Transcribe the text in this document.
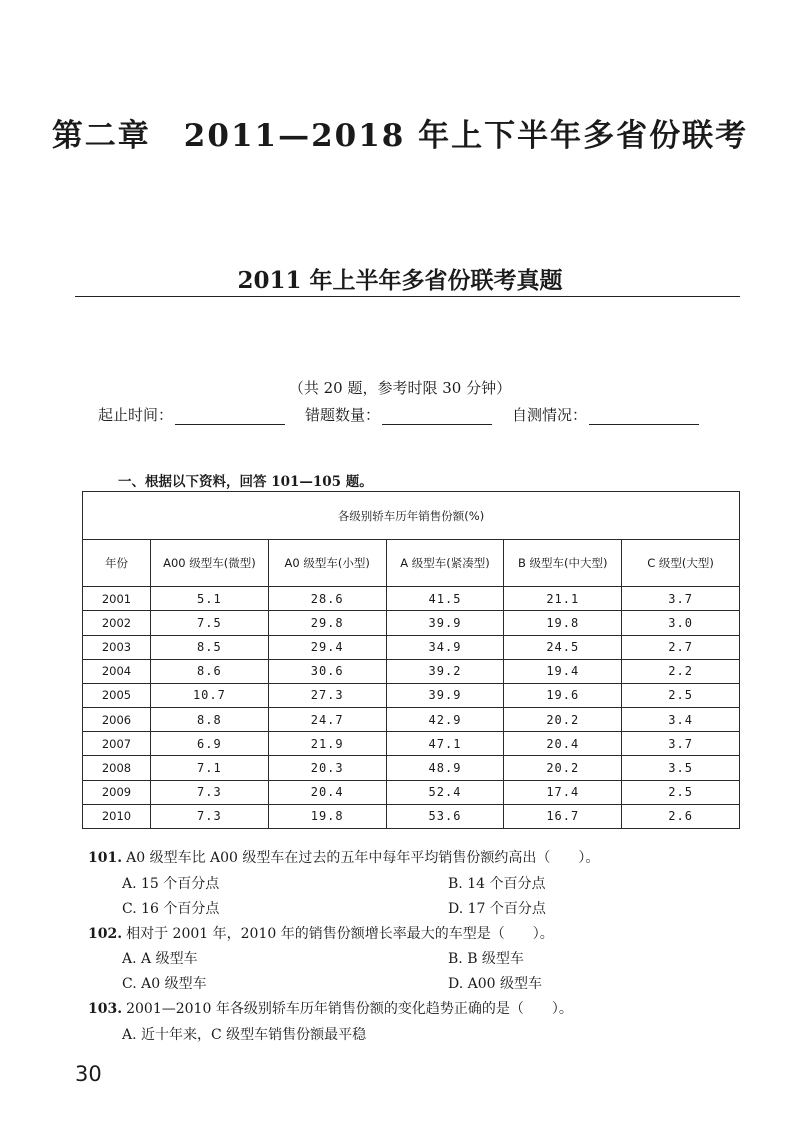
第二章　2011—2018 年上下半年多省份联考
2011 年上半年多省份联考真题
（共 20 题，参考时限 30 分钟）
起止时间：	错题数量：	自测情况：
一、根据以下资料，回答 101—105 题。
各级别轿车历年销售份额(%)					
年份	A00 级型车(微型)	A0 级型车(小型)	A 级型车(紧凑型)	B 级型车(中大型)	C 级型(大型)
2001	5.1	28.6	41.5	21.1	3.7
2002	7.5	29.8	39.9	19.8	3.0
2003	8.5	29.4	34.9	24.5	2.7
2004	8.6	30.6	39.2	19.4	2.2
2005	10.7	27.3	39.9	19.6	2.5
2006	8.8	24.7	42.9	20.2	3.4
2007	6.9	21.9	47.1	20.4	3.7
2008	7.1	20.3	48.9	20.2	3.5
2009	7.3	20.4	52.4	17.4	2.5
2010	7.3	19.8	53.6	16.7	2.6
101. A0 级型车比 A00 级型车在过去的五年中每年平均销售份额约高出（　　）。
A. 15 个百分点	B. 14 个百分点
C. 16 个百分点	D. 17 个百分点
102. 相对于 2001 年，2010 年的销售份额增长率最大的车型是（　　）。
A. A 级型车	B. B 级型车
C. A0 级型车	D. A00 级型车
103. 2001—2010 年各级别轿车历年销售份额的变化趋势正确的是（　　）。
A. 近十年来，C 级型车销售份额最平稳
30
